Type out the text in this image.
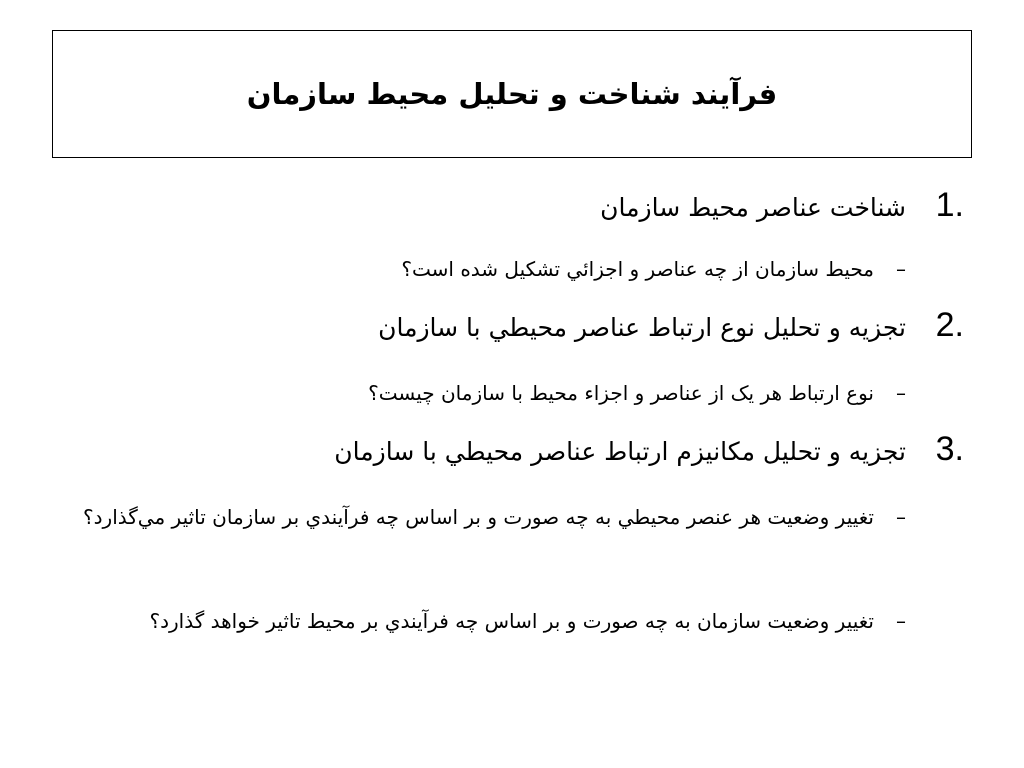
فرآیند شناخت و تحلیل محیط سازمان
1.
شناخت عناصر محیط سازمان
–
محیط سازمان از چه عناصر و اجزائي تشکیل شده است؟
2.
تجزیه و تحلیل نوع ارتباط عناصر محیطي با سازمان
–
نوع ارتباط هر یک از عناصر و اجزاء محیط با سازمان چیست؟
3.
تجزیه و تحلیل مکانیزم ارتباط عناصر محیطي با سازمان
–
تغییر وضعیت هر عنصر محیطي به چه صورت و بر اساس چه فرآیندي بر سازمان تاثیر مي‌گذارد؟
–
تغییر وضعیت سازمان به چه صورت و بر اساس چه فرآیندي بر محیط تاثیر خواهد گذارد؟
